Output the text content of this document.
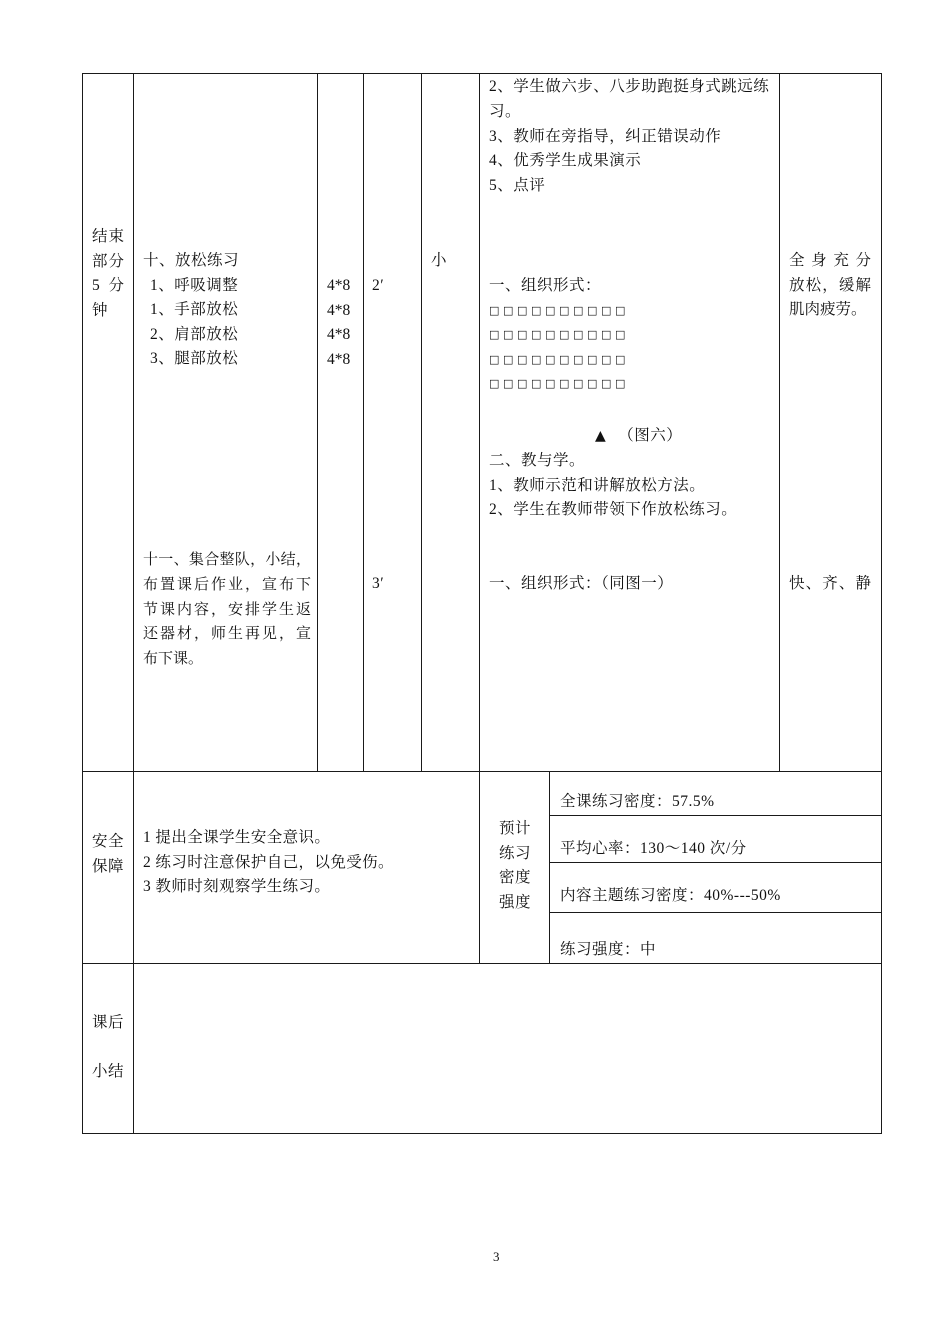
结束
部分
5 分
钟
十、放松练习
1、呼吸调整
1、手部放松
2、肩部放松
3、腿部放松
十一、集合整队，小结，
布置课后作业，宣布下
节课内容，安排学生返
还器材，师生再见，宣
布下课。
4*8
4*8
4*8
4*8
2′
3′
小
2、学生做六步、八步助跑挺身式跳远练
习。
3、教师在旁指导，纠正错误动作
4、优秀学生成果演示
5、点评
一、组织形式：
□□□□□□□□□□
□□□□□□□□□□
□□□□□□□□□□
□□□□□□□□□□
▲ （图六）
二、教与学。
1、教师示范和讲解放松方法。
2、学生在教师带领下作放松练习。
一、组织形式：（同图一）
全 身 充 分
放松，缓解
肌肉疲劳。
快、齐、静
安全
保障
1 提出全课学生安全意识。
2 练习时注意保护自己，以免受伤。
3 教师时刻观察学生练习。
预计
练习
密度
强度
全课练习密度：57.5%
平均心率：130～140 次/分
内容主题练习密度：40%---50%
练习强度：中
课后
小结
3
